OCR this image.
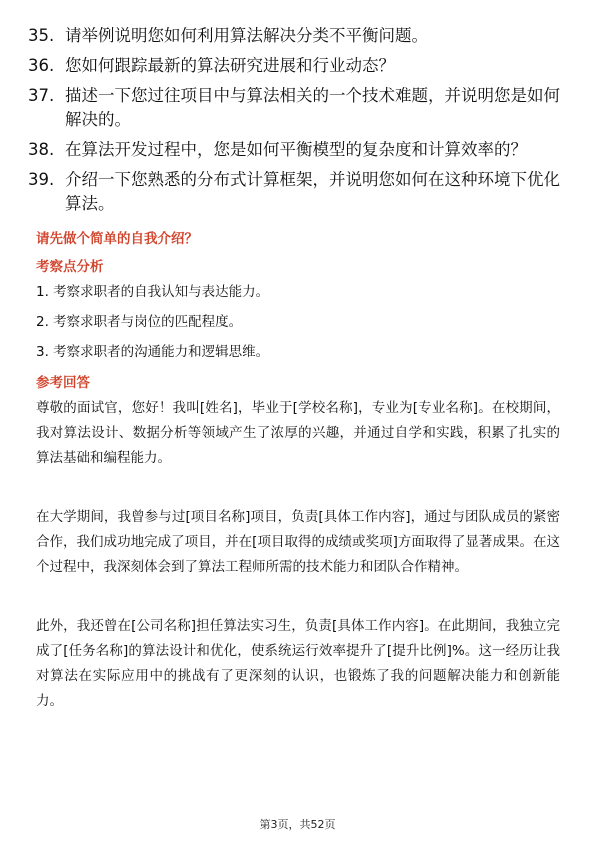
35. 请举例说明您如何利用算法解决分类不平衡问题。
36. 您如何跟踪最新的算法研究进展和行业动态？
37. 描述一下您过往项目中与算法相关的一个技术难题，并说明您是如何解决的。
38. 在算法开发过程中，您是如何平衡模型的复杂度和计算效率的？
39. 介绍一下您熟悉的分布式计算框架，并说明您如何在这种环境下优化算法。
请先做个简单的自我介绍？
考察点分析

1. 考察求职者的自我认知与表达能力。

2. 考察求职者与岗位的匹配程度。

3. 考察求职者的沟通能力和逻辑思维。

参考回答

尊敬的面试官，您好！我叫[姓名]，毕业于[学校名称]，专业为[专业名称]。在校期间，我对算法设计、数据分析等领域产生了浓厚的兴趣，并通过自学和实践，积累了扎实的算法基础和编程能力。

在大学期间，我曾参与过[项目名称]项目，负责[具体工作内容]，通过与团队成员的紧密合作，我们成功地完成了项目，并在[项目取得的成绩或奖项]方面取得了显著成果。在这个过程中，我深刻体会到了算法工程师所需的技术能力和团队合作精神。

此外，我还曾在[公司名称]担任算法实习生，负责[具体工作内容]。在此期间，我独立完成了[任务名称]的算法设计和优化，使系统运行效率提升了[提升比例]%。这一经历让我对算法在实际应用中的挑战有了更深刻的认识，也锻炼了我的问题解决能力和创新能力。

第3页，共52页
